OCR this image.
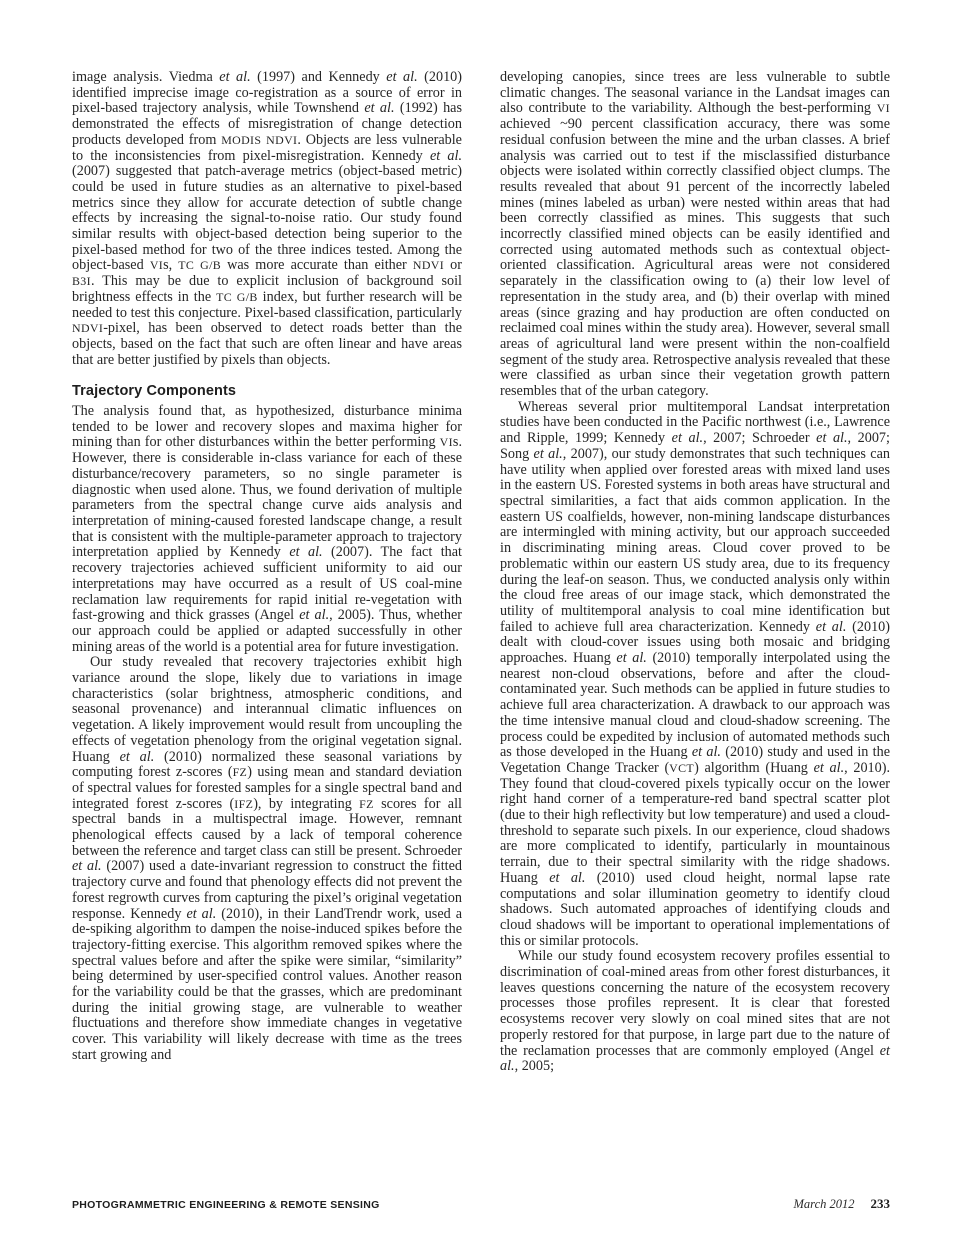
image analysis. Viedma et al. (1997) and Kennedy et al. (2010) identified imprecise image co-registration as a source of error in pixel-based trajectory analysis, while Townshend et al. (1992) has demonstrated the effects of misregistration of change detection products developed from MODIS NDVI. Objects are less vulnerable to the inconsistencies from pixel-misregistration. Kennedy et al. (2007) suggested that patch-average metrics (object-based metric) could be used in future studies as an alternative to pixel-based metrics since they allow for accurate detection of subtle change effects by increasing the signal-to-noise ratio. Our study found similar results with object-based detection being superior to the pixel-based method for two of the three indices tested. Among the object-based VIs, TC G/B was more accurate than either NDVI or B3I. This may be due to explicit inclusion of background soil brightness effects in the TC G/B index, but further research will be needed to test this conjecture. Pixel-based classification, particularly NDVI-pixel, has been observed to detect roads better than the objects, based on the fact that such are often linear and have areas that are better justified by pixels than objects.

Trajectory Components

The analysis found that, as hypothesized, disturbance minima tended to be lower and recovery slopes and maxima higher for mining than for other disturbances within the better performing VIs. However, there is considerable in-class variance for each of these disturbance/recovery parameters, so no single parameter is diagnostic when used alone. Thus, we found derivation of multiple parameters from the spectral change curve aids analysis and interpretation of mining-caused forested landscape change, a result that is consistent with the multiple-parameter approach to trajectory interpretation applied by Kennedy et al. (2007). The fact that recovery trajectories achieved sufficient uniformity to aid our interpretations may have occurred as a result of US coal-mine reclamation law requirements for rapid initial re-vegetation with fast-growing and thick grasses (Angel et al., 2005). Thus, whether our approach could be applied or adapted successfully in other mining areas of the world is a potential area for future investigation.

Our study revealed that recovery trajectories exhibit high variance around the slope, likely due to variations in image characteristics (solar brightness, atmospheric conditions, and seasonal provenance) and interannual climatic influences on vegetation. A likely improvement would result from uncoupling the effects of vegetation phenology from the original vegetation signal. Huang et al. (2010) normalized these seasonal variations by computing forest z-scores (FZ) using mean and standard deviation of spectral values for forested samples for a single spectral band and integrated forest z-scores (IFZ), by integrating FZ scores for all spectral bands in a multispectral image. However, remnant phenological effects caused by a lack of temporal coherence between the reference and target class can still be present. Schroeder et al. (2007) used a date-invariant regression to construct the fitted trajectory curve and found that phenology effects did not prevent the forest regrowth curves from capturing the pixel’s original vegetation response. Kennedy et al. (2010), in their LandTrendr work, used a de-spiking algorithm to dampen the noise-induced spikes before the trajectory-fitting exercise. This algorithm removed spikes where the spectral values before and after the spike were similar, “similarity” being determined by user-specified control values. Another reason for the variability could be that the grasses, which are predominant during the initial growing stage, are vulnerable to weather fluctuations and therefore show immediate changes in vegetative cover. This variability will likely decrease with time as the trees start growing and

developing canopies, since trees are less vulnerable to subtle climatic changes. The seasonal variance in the Landsat images can also contribute to the variability. Although the best-performing VI achieved ~90 percent classification accuracy, there was some residual confusion between the mine and the urban classes. A brief analysis was carried out to test if the misclassified disturbance objects were isolated within correctly classified object clumps. The results revealed that about 91 percent of the incorrectly labeled mines (mines labeled as urban) were nested within areas that had been correctly classified as mines. This suggests that such incorrectly classified mined objects can be easily identified and corrected using automated methods such as contextual object-oriented classification. Agricultural areas were not considered separately in the classification owing to (a) their low level of representation in the study area, and (b) their overlap with mined areas (since grazing and hay production are often conducted on reclaimed coal mines within the study area). However, several small areas of agricultural land were present within the non-coalfield segment of the study area. Retrospective analysis revealed that these were classified as urban since their vegetation growth pattern resembles that of the urban category.

Whereas several prior multitemporal Landsat interpretation studies have been conducted in the Pacific northwest (i.e., Lawrence and Ripple, 1999; Kennedy et al., 2007; Schroeder et al., 2007; Song et al., 2007), our study demonstrates that such techniques can have utility when applied over forested areas with mixed land uses in the eastern US. Forested systems in both areas have structural and spectral similarities, a fact that aids common application. In the eastern US coalfields, however, non-mining landscape disturbances are intermingled with mining activity, but our approach succeeded in discriminating mining areas. Cloud cover proved to be problematic within our eastern US study area, due to its frequency during the leaf-on season. Thus, we conducted analysis only within the cloud free areas of our image stack, which demonstrated the utility of multitemporal analysis to coal mine identification but failed to achieve full area characterization. Kennedy et al. (2010) dealt with cloud-cover issues using both mosaic and bridging approaches. Huang et al. (2010) temporally interpolated using the nearest non-cloud observations, before and after the cloud-contaminated year. Such methods can be applied in future studies to achieve full area characterization. A drawback to our approach was the time intensive manual cloud and cloud-shadow screening. The process could be expedited by inclusion of automated methods such as those developed in the Huang et al. (2010) study and used in the Vegetation Change Tracker (VCT) algorithm (Huang et al., 2010). They found that cloud-covered pixels typically occur on the lower right hand corner of a temperature-red band spectral scatter plot (due to their high reflectivity but low temperature) and used a cloud-threshold to separate such pixels. In our experience, cloud shadows are more complicated to identify, particularly in mountainous terrain, due to their spectral similarity with the ridge shadows. Huang et al. (2010) used cloud height, normal lapse rate computations and solar illumination geometry to identify cloud shadows. Such automated approaches of identifying clouds and cloud shadows will be important to operational implementations of this or similar protocols.

While our study found ecosystem recovery profiles essential to discrimination of coal-mined areas from other forest disturbances, it leaves questions concerning the nature of the ecosystem recovery processes those profiles represent. It is clear that forested ecosystems recover very slowly on coal mined sites that are not properly restored for that purpose, in large part due to the nature of the reclamation processes that are commonly employed (Angel et al., 2005;

PHOTOGRAMMETRIC ENGINEERING & REMOTE SENSING	March 2012 233
